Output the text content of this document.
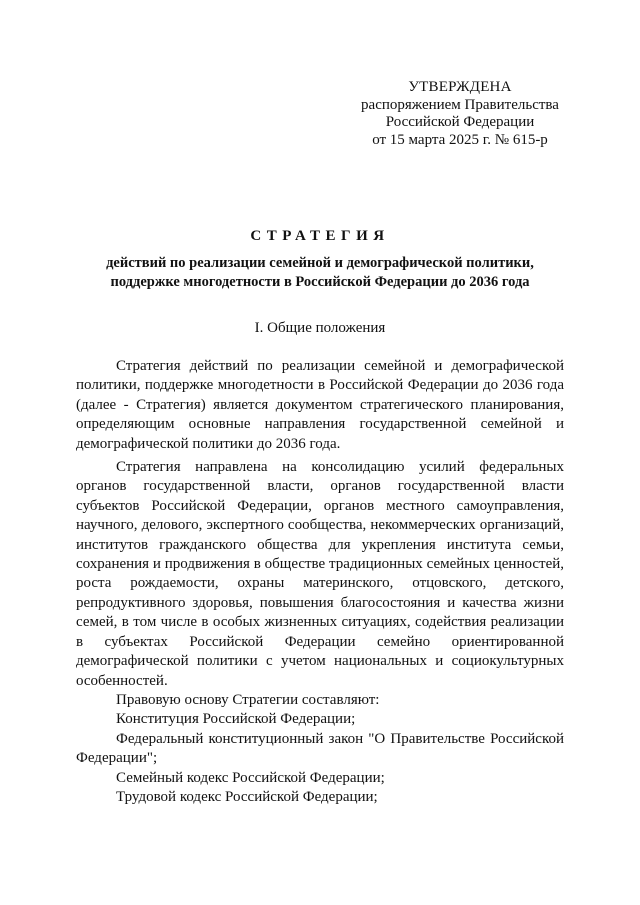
УТВЕРЖДЕНА
распоряжением Правительства
Российской Федерации
от 15 марта 2025 г. № 615-р
СТРАТЕГИЯ
действий по реализации семейной и демографической политики,
поддержке многодетности в Российской Федерации до 2036 года
I. Общие положения

Стратегия действий по реализации семейной и демографической политики, поддержке многодетности в Российской Федерации до 2036 года (далее - Стратегия) является документом стратегического планирования, определяющим основные направления государственной семейной и демографической политики до 2036 года.

Стратегия направлена на консолидацию усилий федеральных органов государственной власти, органов государственной власти субъектов Российской Федерации, органов местного самоуправления, научного, делового, экспертного сообщества, некоммерческих организаций, институтов гражданского общества для укрепления института семьи, сохранения и продвижения в обществе традиционных семейных ценностей, роста рождаемости, охраны материнского, отцовского, детского, репродуктивного здоровья, повышения благосостояния и качества жизни семей, в том числе в особых жизненных ситуациях, содействия реализации в субъектах Российской Федерации семейно ориентированной демографической политики с учетом национальных и социокультурных особенностей.

Правовую основу Стратегии составляют:

Конституция Российской Федерации;

Федеральный конституционный закон "О Правительстве Российской Федерации";

Семейный кодекс Российской Федерации;

Трудовой кодекс Российской Федерации;
